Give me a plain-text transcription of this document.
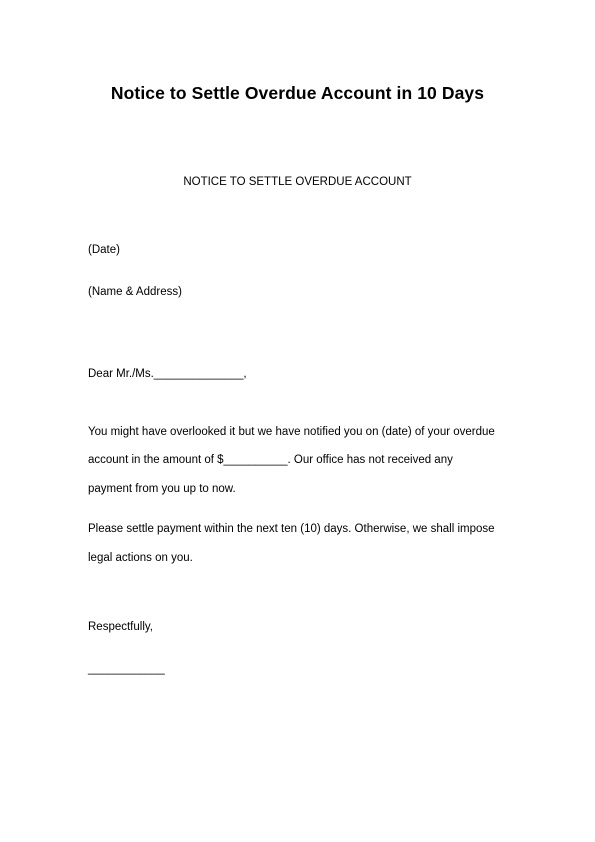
Notice to Settle Overdue Account in 10 Days

NOTICE TO SETTLE OVERDUE ACCOUNT

(Date)

(Name & Address)

Dear Mr./Ms.______________,

You might have overlooked it but we have notified you on (date) of your overdue

account in the amount of $__________. Our office has not received any

payment from you up to now.

Please settle payment within the next ten (10) days. Otherwise, we shall impose

legal actions on you.

Respectfully,

____________
